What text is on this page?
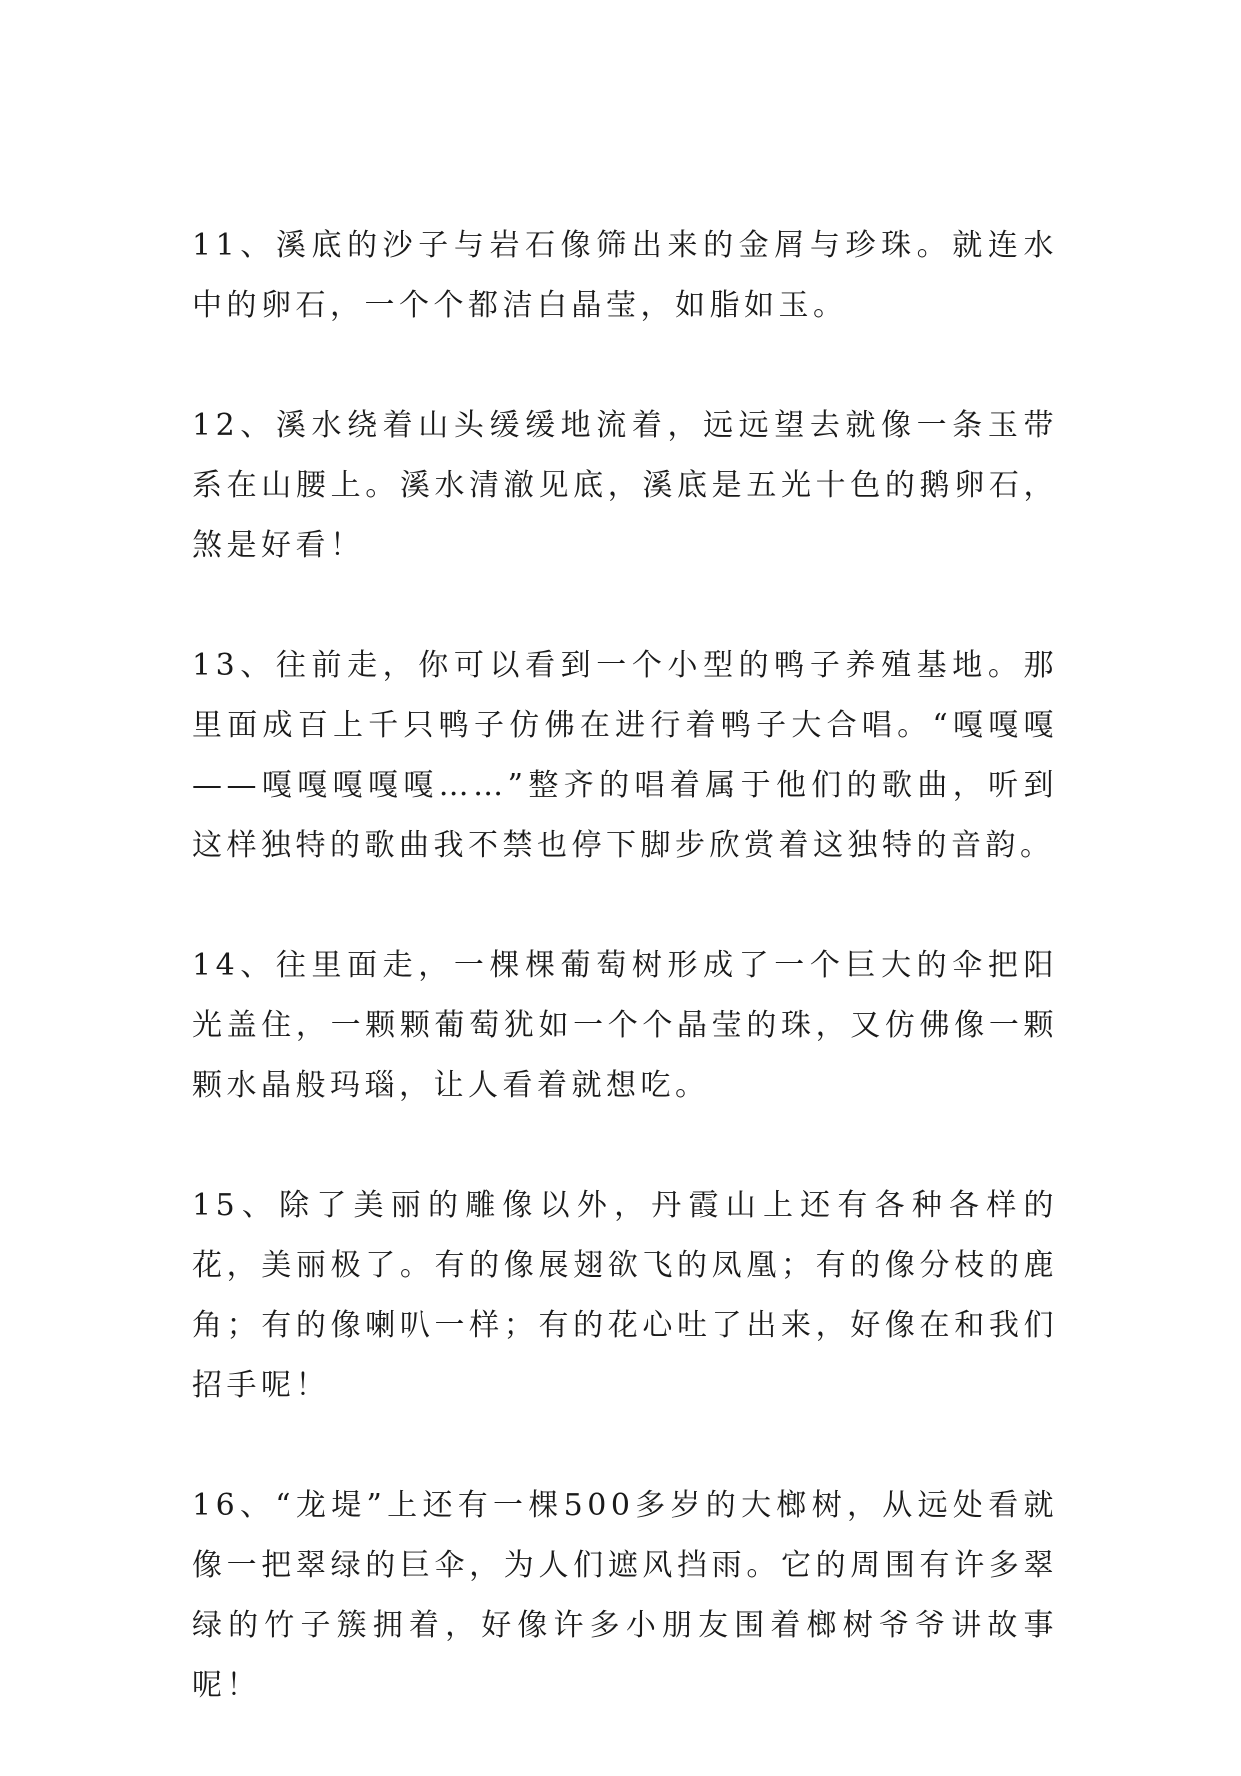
11、溪底的沙子与岩石像筛出来的金屑与珍珠。就连水中的卵石，一个个都洁白晶莹，如脂如玉。

12、溪水绕着山头缓缓地流着，远远望去就像一条玉带系在山腰上。溪水清澈见底，溪底是五光十色的鹅卵石，煞是好看！

13、往前走，你可以看到一个小型的鸭子养殖基地。那里面成百上千只鸭子仿佛在进行着鸭子大合唱。“嘎嘎嘎——嘎嘎嘎嘎嘎……”整齐的唱着属于他们的歌曲，听到这样独特的歌曲我不禁也停下脚步欣赏着这独特的音韵。

14、往里面走，一棵棵葡萄树形成了一个巨大的伞把阳光盖住，一颗颗葡萄犹如一个个晶莹的珠，又仿佛像一颗颗水晶般玛瑙，让人看着就想吃。

15、除了美丽的雕像以外，丹霞山上还有各种各样的花，美丽极了。有的像展翅欲飞的凤凰；有的像分枝的鹿角；有的像喇叭一样；有的花心吐了出来，好像在和我们招手呢！

16、“龙堤”上还有一棵500多岁的大榔树，从远处看就像一把翠绿的巨伞，为人们遮风挡雨。它的周围有许多翠绿的竹子簇拥着，好像许多小朋友围着榔树爷爷讲故事呢！
